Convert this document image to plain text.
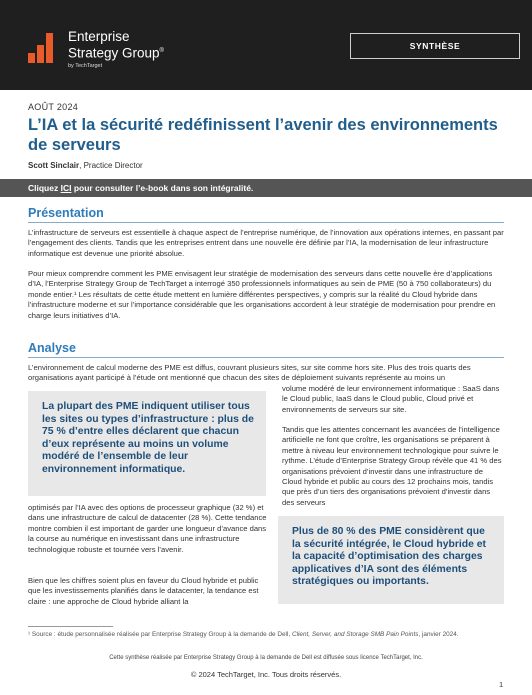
Enterprise
Strategy Group®
by TechTarget
SYNTHÈSE
AOÛT 2024
L’IA et la sécurité redéfinissent l’avenir des environnements de serveurs
Scott Sinclair, Practice Director
Cliquez ICI pour consulter l’e-book dans son intégralité.
Présentation
L’infrastructure de serveurs est essentielle à chaque aspect de l’entreprise numérique, de l’innovation aux opérations internes, en passant par l’engagement des clients. Tandis que les entreprises entrent dans une nouvelle ère définie par l’IA, la modernisation de leur infrastructure informatique est devenue une priorité absolue.
Pour mieux comprendre comment les PME envisagent leur stratégie de modernisation des serveurs dans cette nouvelle ère d’applications d’IA, l’Enterprise Strategy Group de TechTarget a interrogé 350 professionnels informatiques au sein de PME (50 à 750 collaborateurs) du monde entier.¹ Les résultats de cette étude mettent en lumière différentes perspectives, y compris sur la réalité du Cloud hybride dans l’infrastructure moderne et sur l’importance considérable que les organisations accordent à leur stratégie de modernisation pour prendre en charge leurs initiatives d’IA.
Analyse
L’environnement de calcul moderne des PME est diffus, couvrant plusieurs sites, sur site comme hors site. Plus des trois quarts des organisations ayant participé à l’étude ont mentionné que chacun des sites de déploiement suivants représente au moins un
La plupart des PME indiquent utiliser tous les sites ou types d’infrastructure : plus de 75 % d’entre elles déclarent que chacun d’eux représente au moins un volume modéré de l’ensemble de leur environnement informatique.
volume modéré de leur environnement informatique : SaaS dans le Cloud public, IaaS dans le Cloud public, Cloud privé et environnements de serveurs sur site.
Tandis que les attentes concernant les avancées de l’intelligence artificielle ne font que croître, les organisations se préparent à mettre à niveau leur environnement technologique pour suivre le rythme. L’étude d’Enterprise Strategy Group révèle que 41 % des organisations prévoient d’investir dans une infrastructure de Cloud hybride et public au cours des 12 prochains mois, tandis que près d’un tiers des organisations prévoient d’investir dans des serveurs
optimisés par l’IA avec des options de processeur graphique (32 %) et dans une infrastructure de calcul de datacenter (28 %). Cette tendance montre combien il est important de garder une longueur d’avance dans la course au numérique en investissant dans une infrastructure technologique robuste et tournée vers l’avenir.
Plus de 80 % des PME considèrent que la sécurité intégrée, le Cloud hybride et la capacité d’optimisation des charges applicatives d’IA sont des éléments stratégiques ou importants.
Bien que les chiffres soient plus en faveur du Cloud hybride et public que les investissements planifiés dans le datacenter, la tendance est claire : une approche de Cloud hybride alliant la
¹ Source : étude personnalisée réalisée par Enterprise Strategy Group à la demande de Dell, Client, Server, and Storage SMB Pain Points, janvier 2024.
Cette synthèse réalisée par Enterprise Strategy Group à la demande de Dell est diffusée sous licence TechTarget, Inc.
© 2024 TechTarget, Inc. Tous droits réservés.
1
